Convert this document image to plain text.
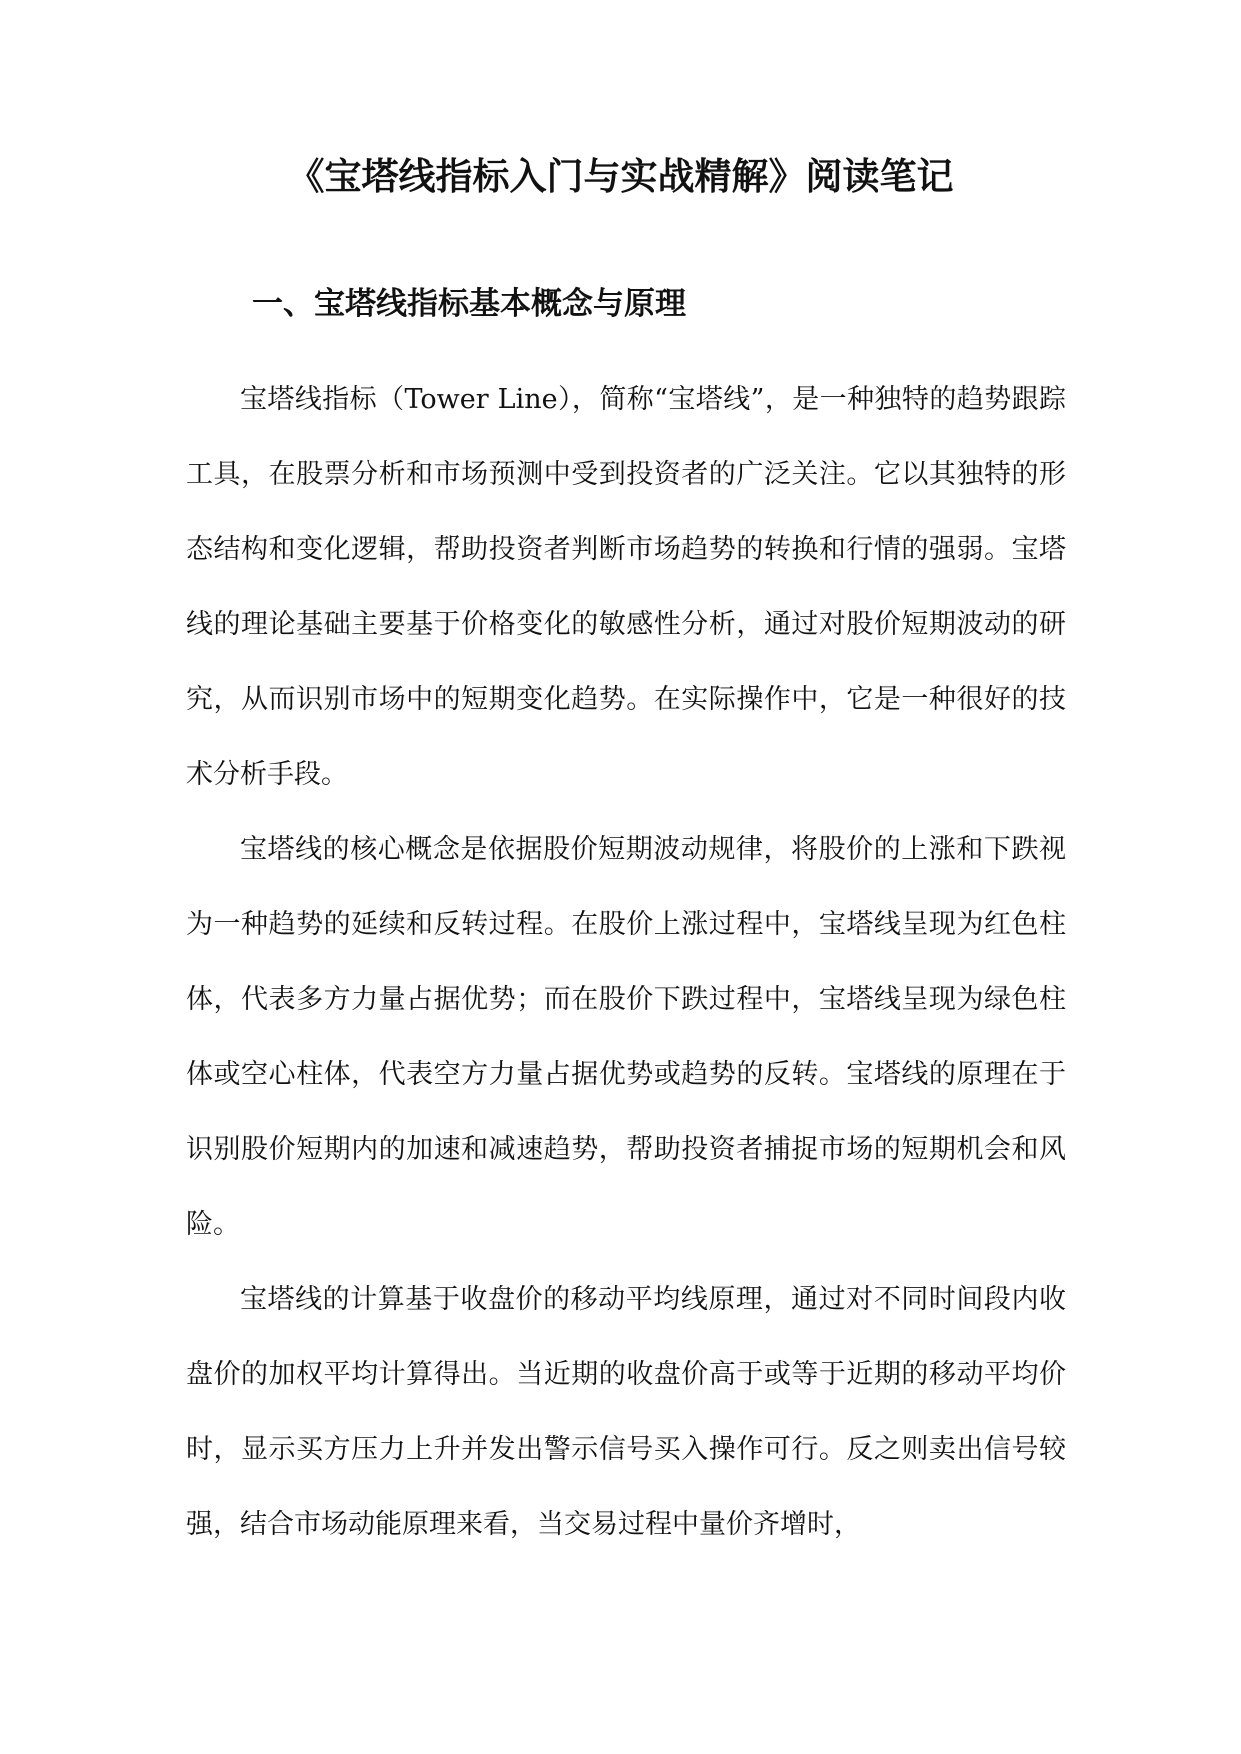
《宝塔线指标入门与实战精解》阅读笔记
一、宝塔线指标基本概念与原理

宝塔线指标（Tower Line），简称“宝塔线”，是一种独特的趋势跟踪工具，在股票分析和市场预测中受到投资者的广泛关注。它以其独特的形态结构和变化逻辑，帮助投资者判断市场趋势的转换和行情的强弱。宝塔线的理论基础主要基于价格变化的敏感性分析，通过对股价短期波动的研究，从而识别市场中的短期变化趋势。在实际操作中，它是一种很好的技术分析手段。

宝塔线的核心概念是依据股价短期波动规律，将股价的上涨和下跌视为一种趋势的延续和反转过程。在股价上涨过程中，宝塔线呈现为红色柱体，代表多方力量占据优势；而在股价下跌过程中，宝塔线呈现为绿色柱体或空心柱体，代表空方力量占据优势或趋势的反转。宝塔线的原理在于识别股价短期内的加速和减速趋势，帮助投资者捕捉市场的短期机会和风险。

宝塔线的计算基于收盘价的移动平均线原理，通过对不同时间段内收盘价的加权平均计算得出。当近期的收盘价高于或等于近期的移动平均价时，显示买方压力上升并发出警示信号买入操作可行。反之则卖出信号较强，结合市场动能原理来看，当交易过程中量价齐增时，
